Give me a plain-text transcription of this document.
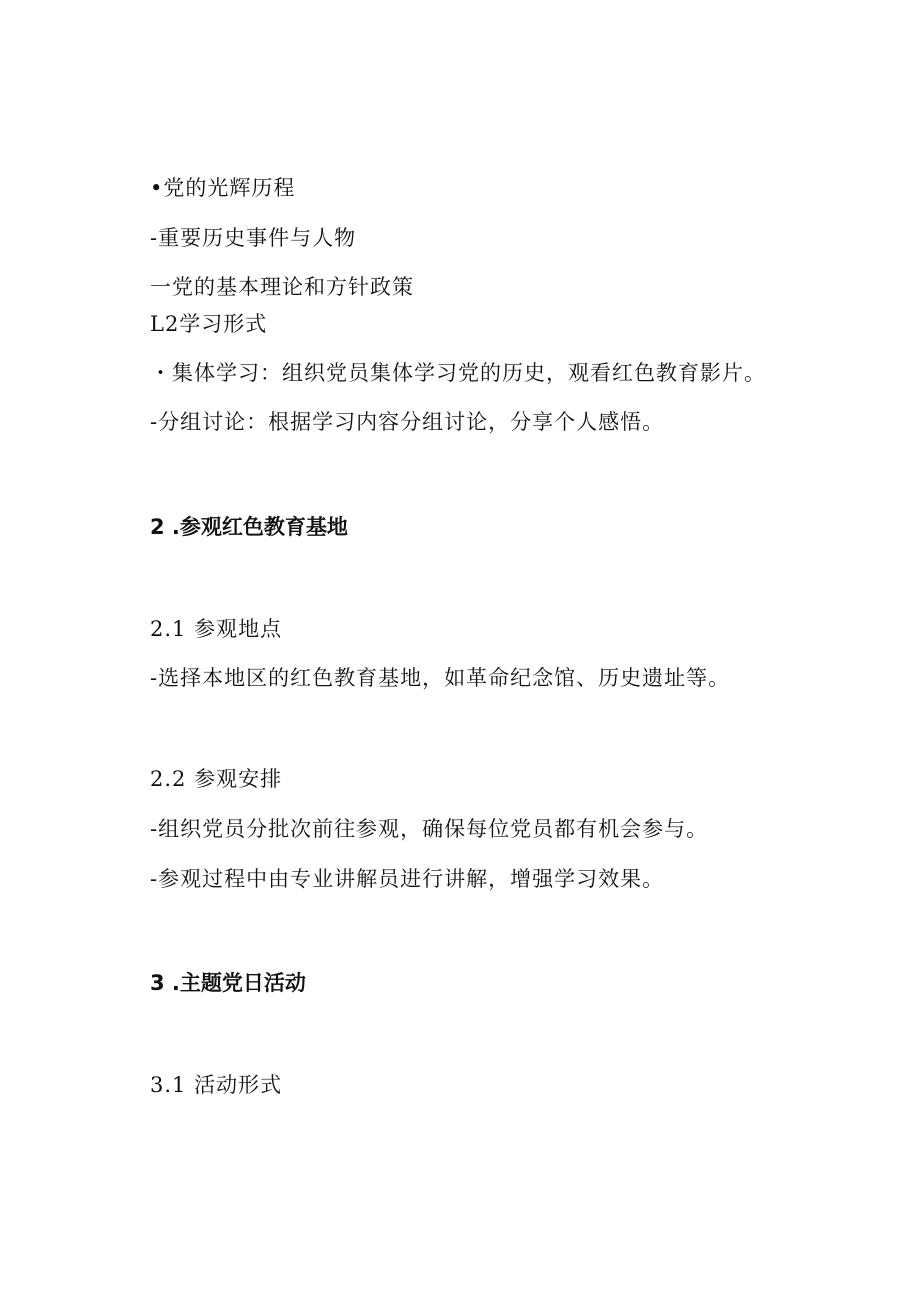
•党的光辉历程
-重要历史事件与人物
一党的基本理论和方针政策
L2学习形式
・集体学习：组织党员集体学习党的历史，观看红色教育影片。
-分组讨论：根据学习内容分组讨论，分享个人感悟。
2 .参观红色教育基地
2.1 参观地点
-选择本地区的红色教育基地，如革命纪念馆、历史遗址等。
2.2 参观安排
-组织党员分批次前往参观，确保每位党员都有机会参与。
-参观过程中由专业讲解员进行讲解，增强学习效果。
3 .主题党日活动
3.1 活动形式
